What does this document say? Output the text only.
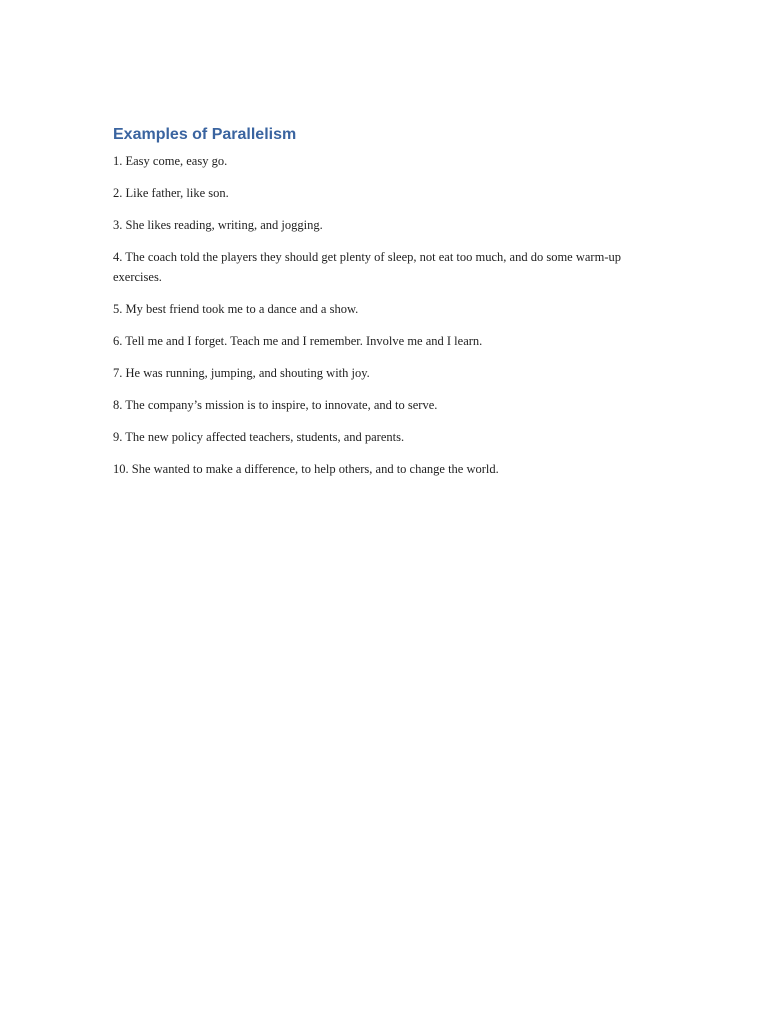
Examples of Parallelism
1. Easy come, easy go.
2. Like father, like son.
3. She likes reading, writing, and jogging.
4. The coach told the players they should get plenty of sleep, not eat too much, and do some warm-up exercises.
5. My best friend took me to a dance and a show.
6. Tell me and I forget. Teach me and I remember. Involve me and I learn.
7. He was running, jumping, and shouting with joy.
8. The company’s mission is to inspire, to innovate, and to serve.
9. The new policy affected teachers, students, and parents.
10. She wanted to make a difference, to help others, and to change the world.
